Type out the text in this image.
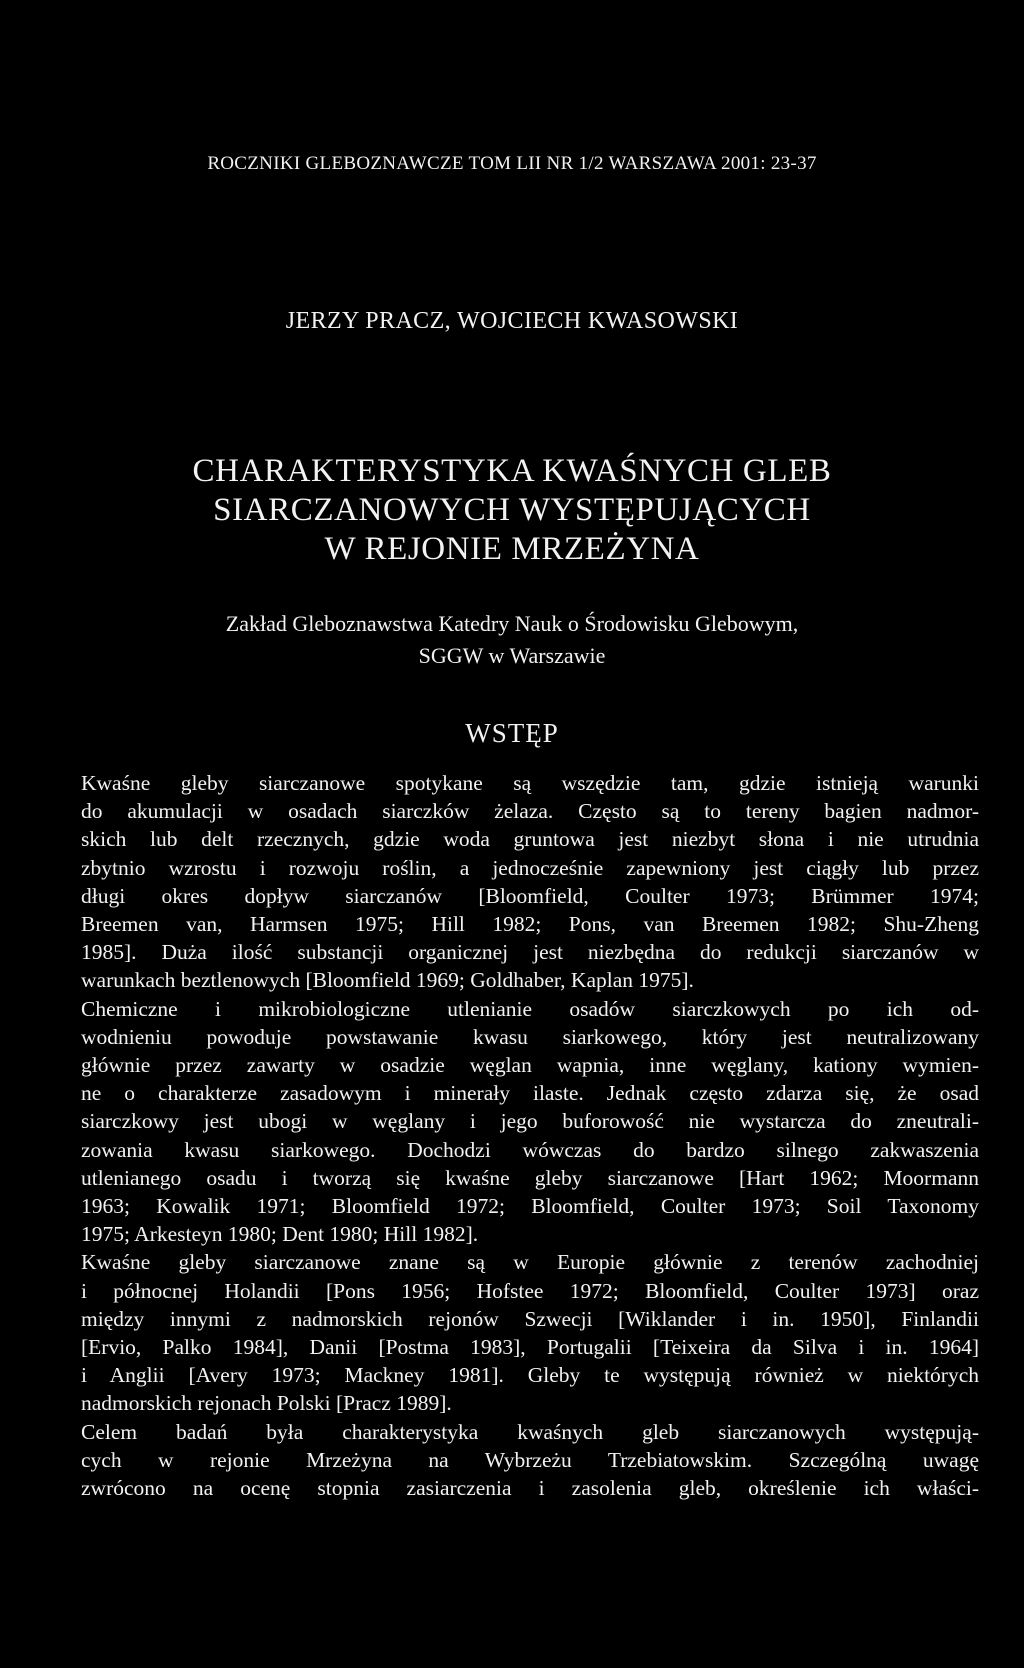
ROCZNIKI GLEBOZNAWCZE TOM LII NR 1/2 WARSZAWA 2001: 23-37
JERZY PRACZ, WOJCIECH KWASOWSKI
CHARAKTERYSTYKA KWAŚNYCH GLEB
SIARCZANOWYCH WYSTĘPUJĄCYCH
W REJONIE MRZEŻYNA
Zakład Gleboznawstwa Katedry Nauk o Środowisku Glebowym,
SGGW w Warszawie
WSTĘP
Kwaśne gleby siarczanowe spotykane są wszędzie tam, gdzie istnieją warunki
do akumulacji w osadach siarczków żelaza. Często są to tereny bagien nadmor-
skich lub delt rzecznych, gdzie woda gruntowa jest niezbyt słona i nie utrudnia
zbytnio wzrostu i rozwoju roślin, a jednocześnie zapewniony jest ciągły lub przez
długi okres dopływ siarczanów [Bloomfield, Coulter 1973; Brümmer 1974;
Breemen van, Harmsen 1975; Hill 1982; Pons, van Breemen 1982; Shu-Zheng
1985]. Duża ilość substancji organicznej jest niezbędna do redukcji siarczanów w
warunkach beztlenowych [Bloomfield 1969; Goldhaber, Kaplan 1975].
Chemiczne i mikrobiologiczne utlenianie osadów siarczkowych po ich od-
wodnieniu powoduje powstawanie kwasu siarkowego, który jest neutralizowany
głównie przez zawarty w osadzie węglan wapnia, inne węglany, kationy wymien-
ne o charakterze zasadowym i minerały ilaste. Jednak często zdarza się, że osad
siarczkowy jest ubogi w węglany i jego buforowość nie wystarcza do zneutrali-
zowania kwasu siarkowego. Dochodzi wówczas do bardzo silnego zakwaszenia
utlenianego osadu i tworzą się kwaśne gleby siarczanowe [Hart 1962; Moormann
1963; Kowalik 1971; Bloomfield 1972; Bloomfield, Coulter 1973; Soil Taxonomy
1975; Arkesteyn 1980; Dent 1980; Hill 1982].
Kwaśne gleby siarczanowe znane są w Europie głównie z terenów zachodniej
i północnej Holandii [Pons 1956; Hofstee 1972; Bloomfield, Coulter 1973] oraz
między innymi z nadmorskich rejonów Szwecji [Wiklander i in. 1950], Finlandii
[Ervio, Palko 1984], Danii [Postma 1983], Portugalii [Teixeira da Silva i in. 1964]
i Anglii [Avery 1973; Mackney 1981]. Gleby te występują również w niektórych
nadmorskich rejonach Polski [Pracz 1989].
Celem badań była charakterystyka kwaśnych gleb siarczanowych występują-
cych w rejonie Mrzeżyna na Wybrzeżu Trzebiatowskim. Szczególną uwagę
zwrócono na ocenę stopnia zasiarczenia i zasolenia gleb, określenie ich właści-
